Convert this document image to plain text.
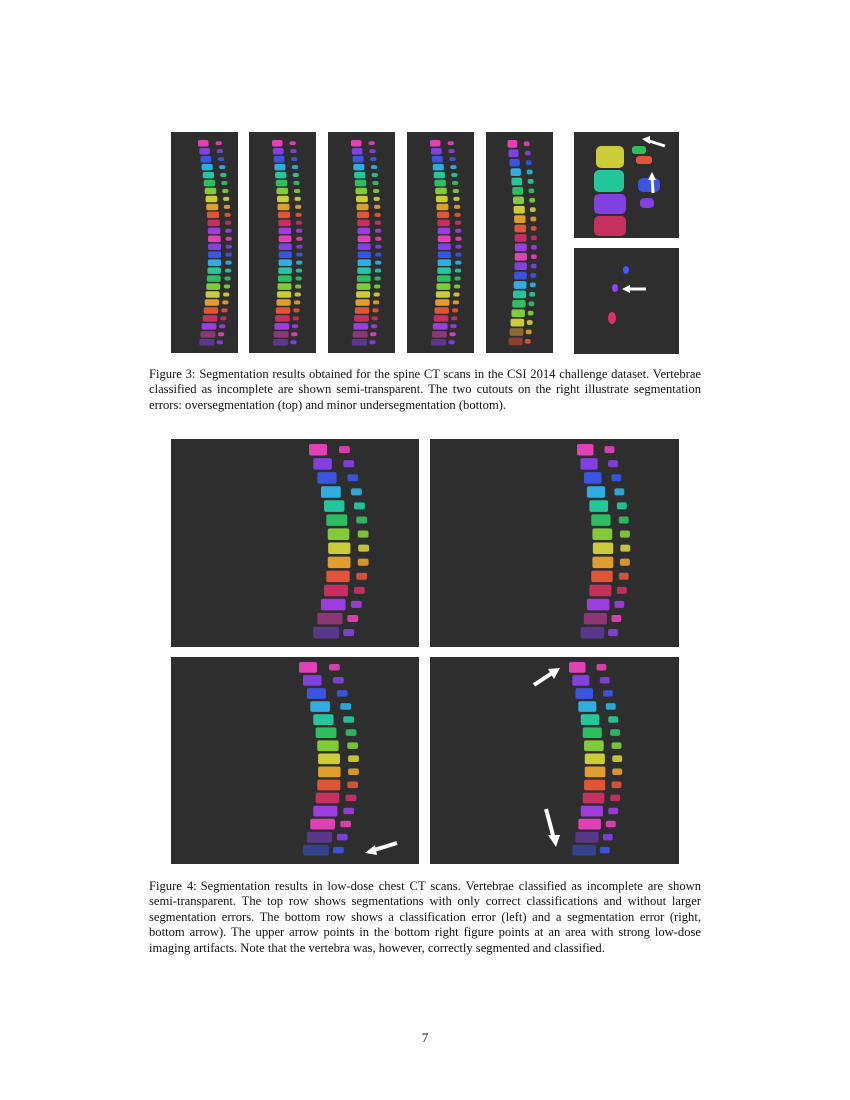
Figure 3: Segmentation results obtained for the spine CT scans in the CSI 2014 challenge dataset. Vertebrae classified as incomplete are shown semi-transparent. The two cutouts on the right illustrate segmentation errors: oversegmentation (top) and minor undersegmentation (bottom).

Figure 4: Segmentation results in low-dose chest CT scans. Vertebrae classified as incomplete are shown semi-transparent. The top row shows segmentations with only correct classifications and without larger segmentation errors. The bottom row shows a classification error (left) and a segmentation error (right, bottom arrow). The upper arrow points in the bottom right figure points at an area with strong low-dose imaging artifacts. Note that the vertebra was, however, correctly segmented and classified.

7
